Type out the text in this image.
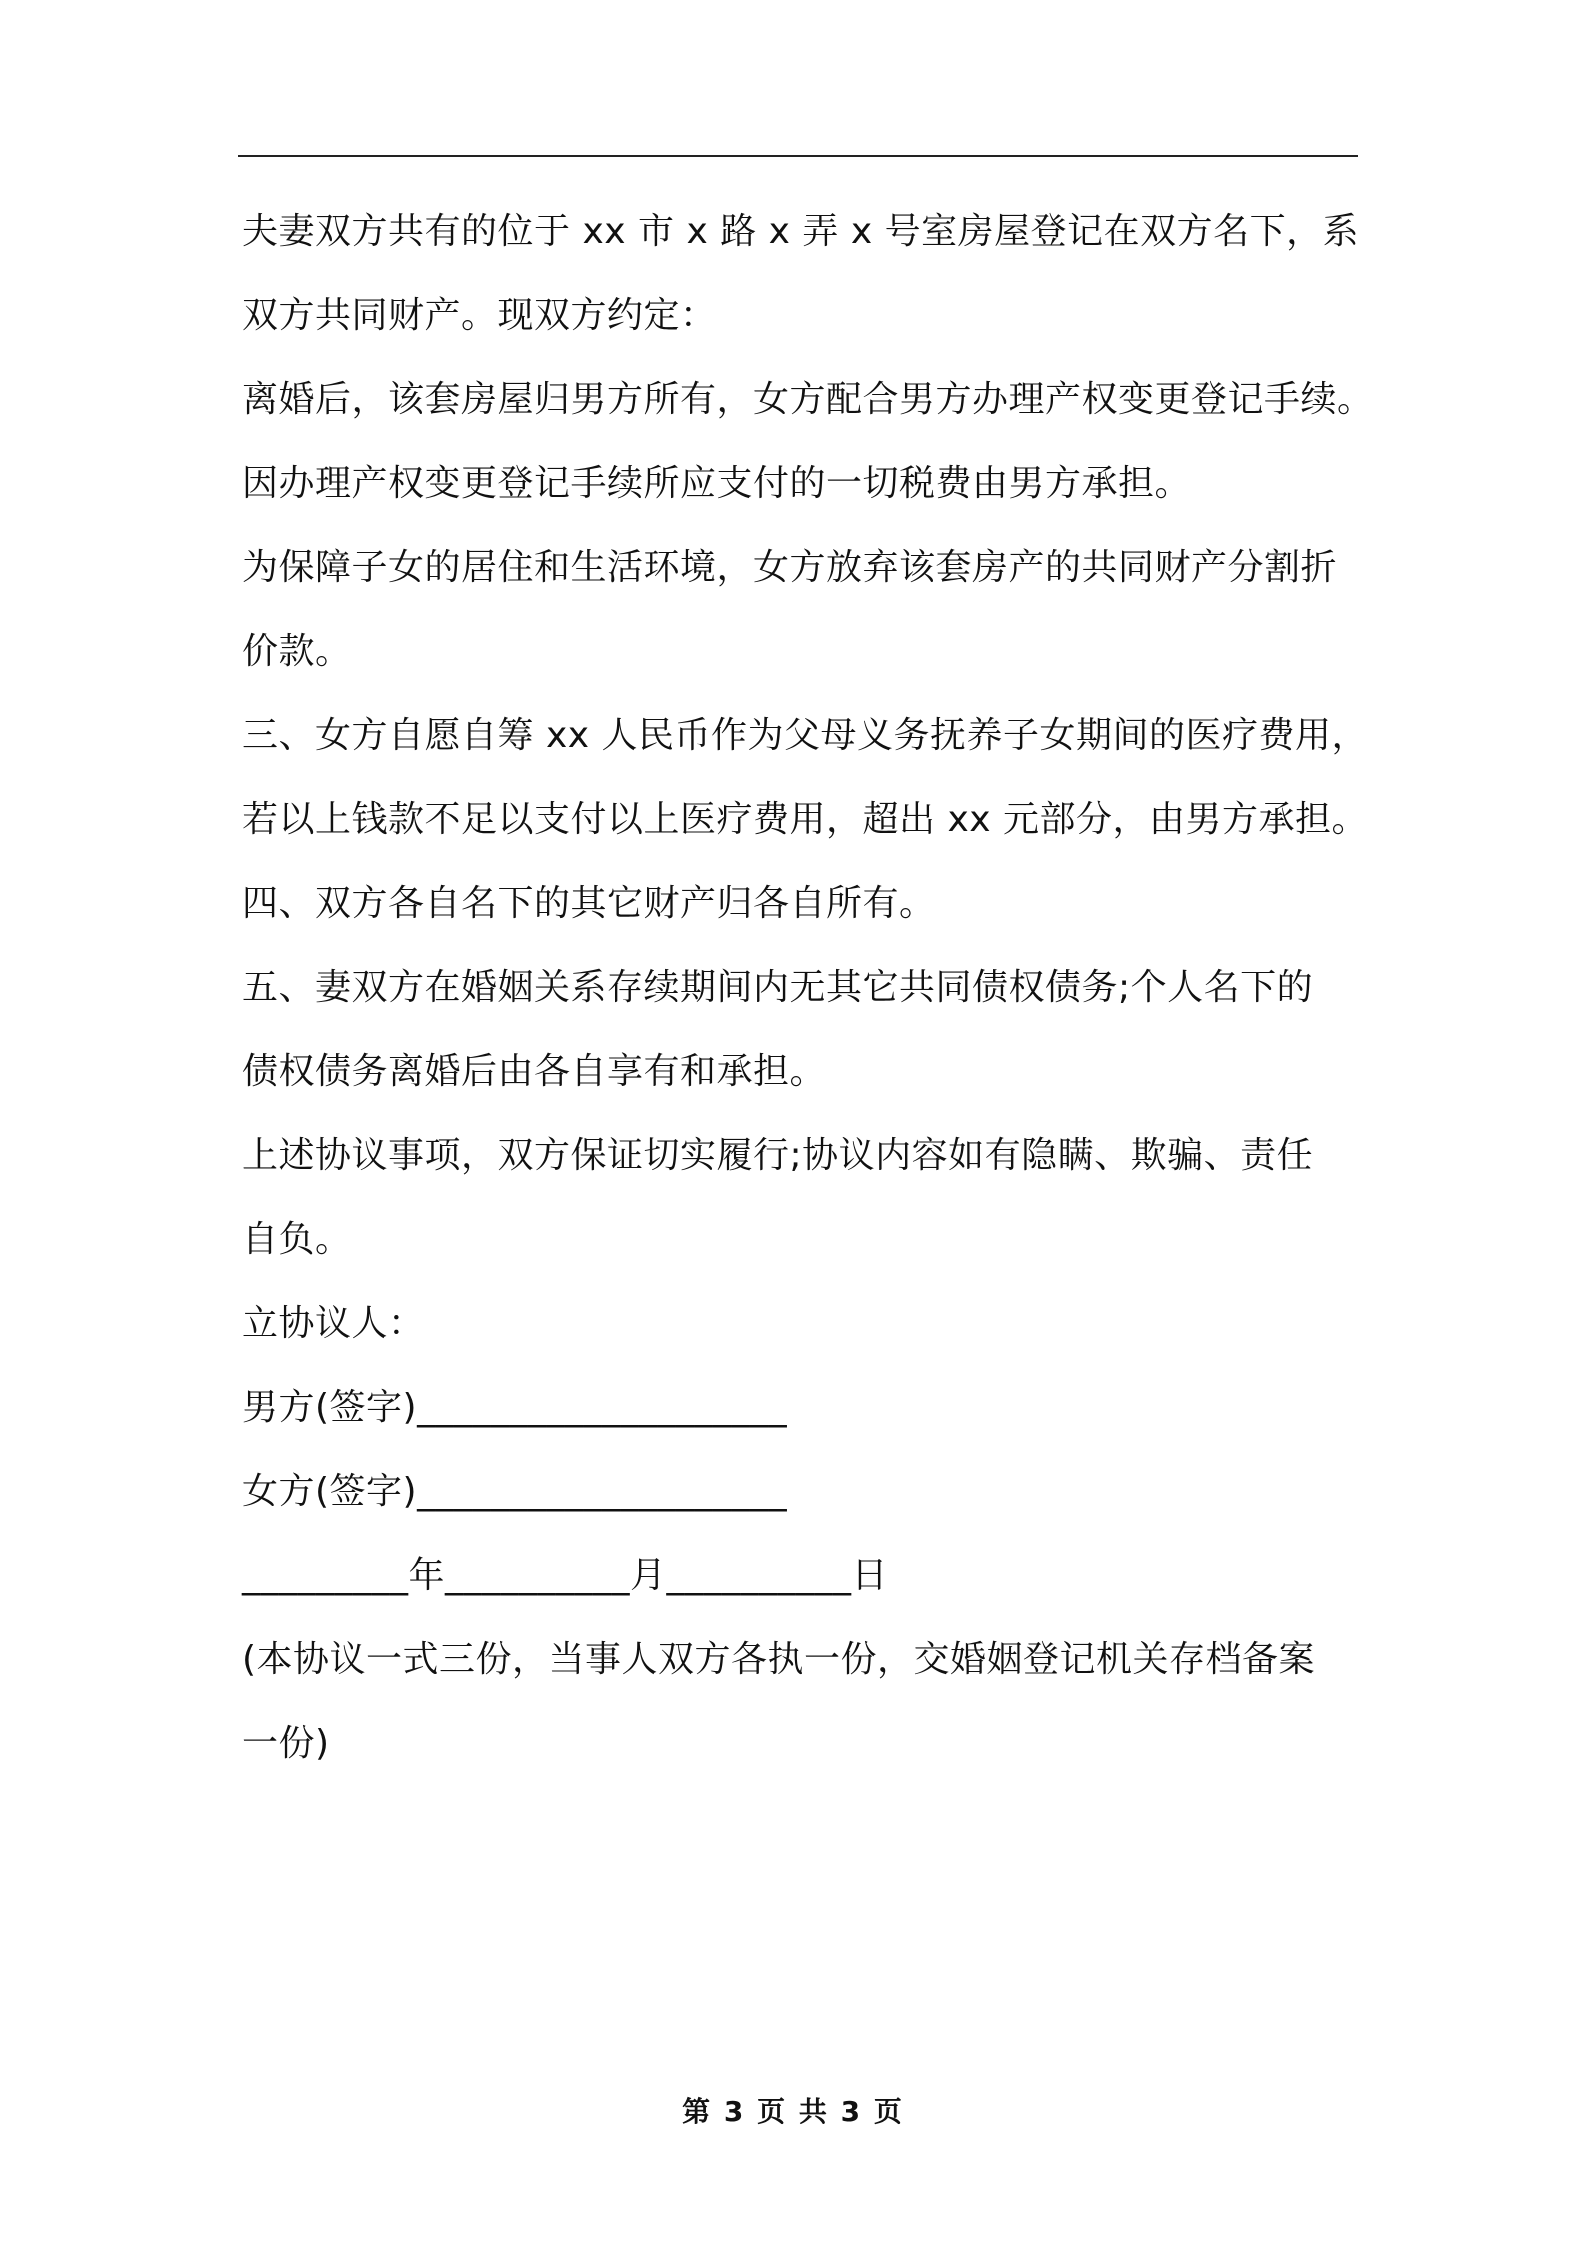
夫妻双方共有的位于 xx 市 x 路 x 弄 x 号室房屋登记在双方名下，系
双方共同财产。现双方约定：
离婚后，该套房屋归男方所有，女方配合男方办理产权变更登记手续。
因办理产权变更登记手续所应支付的一切税费由男方承担。
为保障子女的居住和生活环境，女方放弃该套房产的共同财产分割折
价款。
三、女方自愿自筹 xx 人民币作为父母义务抚养子女期间的医疗费用，
若以上钱款不足以支付以上医疗费用，超出 xx 元部分，由男方承担。
四、双方各自名下的其它财产归各自所有。
五、妻双方在婚姻关系存续期间内无其它共同债权债务;个人名下的
债权债务离婚后由各自享有和承担。
上述协议事项，双方保证切实履行;协议内容如有隐瞒、欺骗、责任
自负。
立协议人：
男方(签字)____________________
女方(签字)____________________
_________年__________月__________日
(本协议一式三份，当事人双方各执一份，交婚姻登记机关存档备案
一份)
第 3 页 共 3 页
